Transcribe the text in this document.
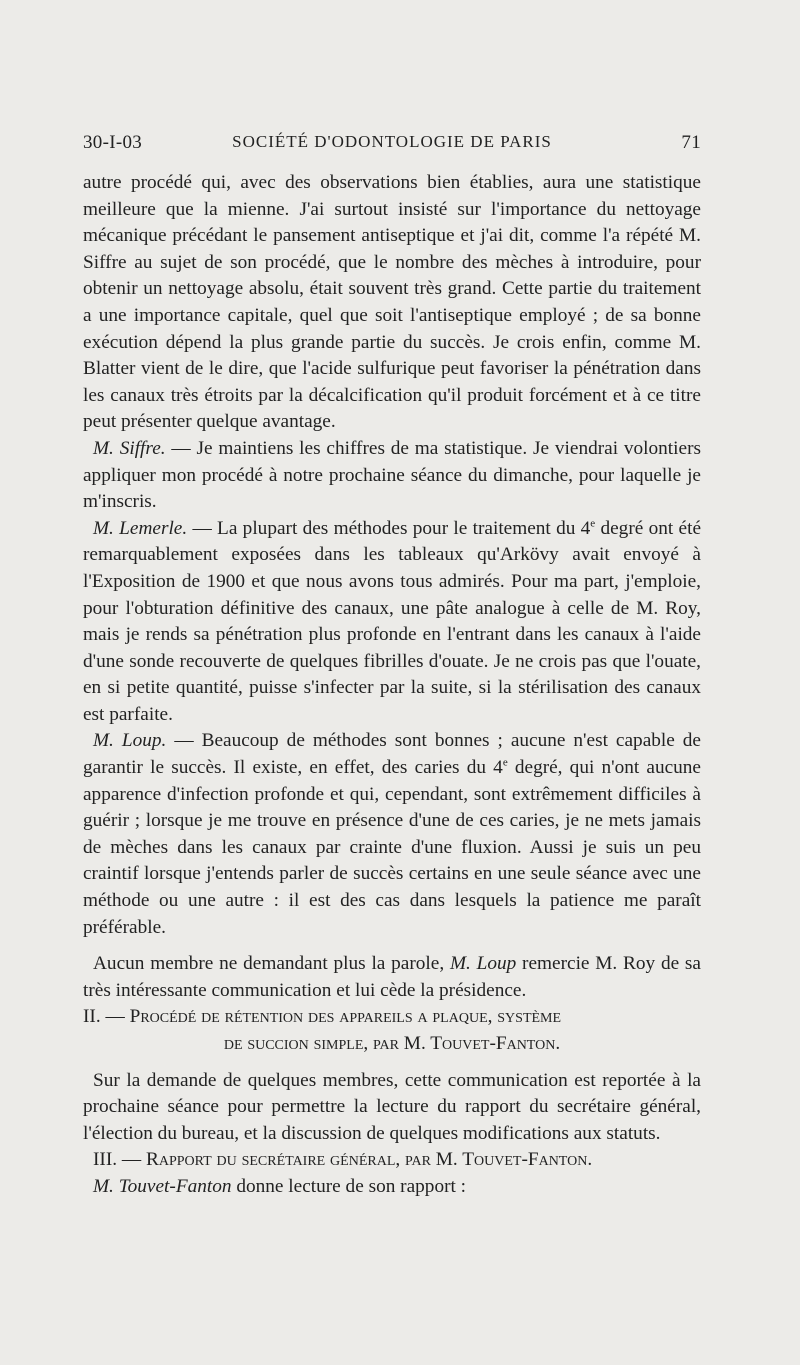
30-I-03	SOCIÉTÉ D'ODONTOLOGIE DE PARIS	71

autre procédé qui, avec des observations bien établies, aura une statistique meilleure que la mienne. J'ai surtout insisté sur l'importance du nettoyage mécanique précédant le pansement antiseptique et j'ai dit, comme l'a répété M. Siffre au sujet de son procédé, que le nombre des mèches à introduire, pour obtenir un nettoyage absolu, était souvent très grand. Cette partie du traitement a une importance capitale, quel que soit l'antiseptique employé ; de sa bonne exécution dépend la plus grande partie du succès. Je crois enfin, comme M. Blatter vient de le dire, que l'acide sulfurique peut favoriser la pénétration dans les canaux très étroits par la décalcification qu'il produit forcément et à ce titre peut présenter quelque avantage.

M. Siffre. — Je maintiens les chiffres de ma statistique. Je viendrai volontiers appliquer mon procédé à notre prochaine séance du dimanche, pour laquelle je m'inscris.

M. Lemerle. — La plupart des méthodes pour le traitement du 4e degré ont été remarquablement exposées dans les tableaux qu'Arkövy avait envoyé à l'Exposition de 1900 et que nous avons tous admirés. Pour ma part, j'emploie, pour l'obturation définitive des canaux, une pâte analogue à celle de M. Roy, mais je rends sa pénétration plus profonde en l'entrant dans les canaux à l'aide d'une sonde recouverte de quelques fibrilles d'ouate. Je ne crois pas que l'ouate, en si petite quantité, puisse s'infecter par la suite, si la stérilisation des canaux est parfaite.

M. Loup. — Beaucoup de méthodes sont bonnes ; aucune n'est capable de garantir le succès. Il existe, en effet, des caries du 4e degré, qui n'ont aucune apparence d'infection profonde et qui, cependant, sont extrêmement difficiles à guérir ; lorsque je me trouve en présence d'une de ces caries, je ne mets jamais de mèches dans les canaux par crainte d'une fluxion. Aussi je suis un peu craintif lorsque j'entends parler de succès certains en une seule séance avec une méthode ou une autre : il est des cas dans lesquels la patience me paraît préférable.

Aucun membre ne demandant plus la parole, M. Loup remercie M. Roy de sa très intéressante communication et lui cède la présidence.

II. — Procédé de rétention des appareils a plaque, système
de succion simple, par M. Touvet-Fanton.

Sur la demande de quelques membres, cette communication est reportée à la prochaine séance pour permettre la lecture du rapport du secrétaire général, l'élection du bureau, et la discussion de quelques modifications aux statuts.

III. — Rapport du secrétaire général, par M. Touvet-Fanton.

M. Touvet-Fanton donne lecture de son rapport :
